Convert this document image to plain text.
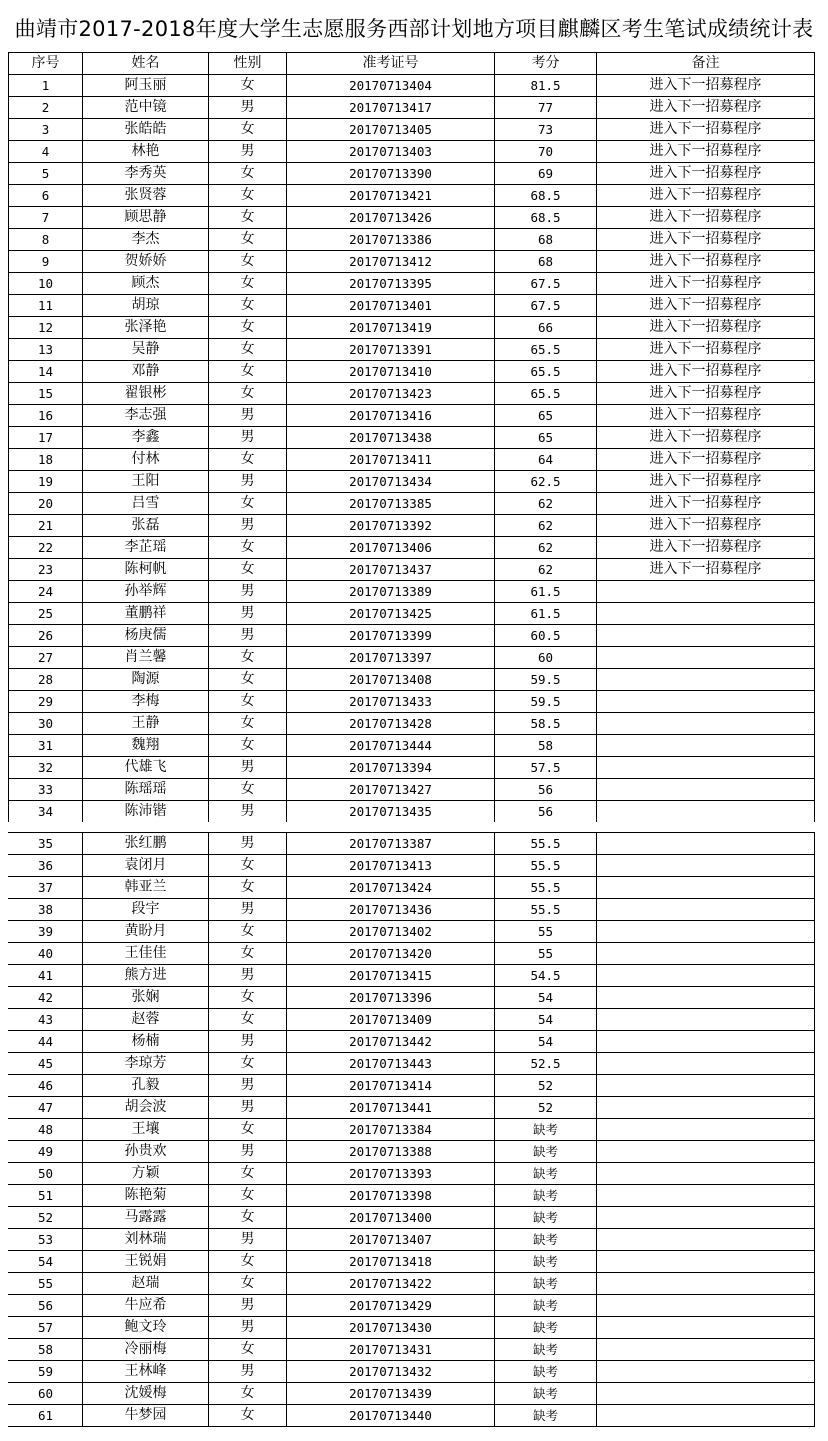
曲靖市2017-2018年度大学生志愿服务西部计划地方项目麒麟区考生笔试成绩统计表
序号	姓名	性别	准考证号	考分	备注
1	阿玉丽	女	20170713404	81.5	进入下一招募程序
2	范中镜	男	20170713417	77	进入下一招募程序
3	张皓皓	女	20170713405	73	进入下一招募程序
4	林艳	男	20170713403	70	进入下一招募程序
5	李秀英	女	20170713390	69	进入下一招募程序
6	张贤蓉	女	20170713421	68.5	进入下一招募程序
7	顾思静	女	20170713426	68.5	进入下一招募程序
8	李杰	女	20170713386	68	进入下一招募程序
9	贺娇娇	女	20170713412	68	进入下一招募程序
10	顾杰	女	20170713395	67.5	进入下一招募程序
11	胡琼	女	20170713401	67.5	进入下一招募程序
12	张泽艳	女	20170713419	66	进入下一招募程序
13	吴静	女	20170713391	65.5	进入下一招募程序
14	邓静	女	20170713410	65.5	进入下一招募程序
15	翟银彬	女	20170713423	65.5	进入下一招募程序
16	李志强	男	20170713416	65	进入下一招募程序
17	李鑫	男	20170713438	65	进入下一招募程序
18	付林	女	20170713411	64	进入下一招募程序
19	王阳	男	20170713434	62.5	进入下一招募程序
20	吕雪	女	20170713385	62	进入下一招募程序
21	张磊	男	20170713392	62	进入下一招募程序
22	李芷瑶	女	20170713406	62	进入下一招募程序
23	陈柯帆	女	20170713437	62	进入下一招募程序
24	孙举辉	男	20170713389	61.5	
25	董鹏祥	男	20170713425	61.5	
26	杨庚儒	男	20170713399	60.5	
27	肖兰馨	女	20170713397	60	
28	陶源	女	20170713408	59.5	
29	李梅	女	20170713433	59.5	
30	王静	女	20170713428	58.5	
31	魏翔	女	20170713444	58	
32	代雄飞	男	20170713394	57.5	
33	陈瑶瑶	女	20170713427	56	
34	陈沛锴	男	20170713435	56	
35	张红鹏	男	20170713387	55.5	
36	袁闭月	女	20170713413	55.5	
37	韩亚兰	女	20170713424	55.5	
38	段宇	男	20170713436	55.5	
39	黄盼月	女	20170713402	55	
40	王佳佳	女	20170713420	55	
41	熊方进	男	20170713415	54.5	
42	张娴	女	20170713396	54	
43	赵蓉	女	20170713409	54	
44	杨楠	男	20170713442	54	
45	李琼芳	女	20170713443	52.5	
46	孔毅	男	20170713414	52	
47	胡会波	男	20170713441	52	
48	王壤	女	20170713384	缺考	
49	孙贵欢	男	20170713388	缺考	
50	方颖	女	20170713393	缺考	
51	陈艳菊	女	20170713398	缺考	
52	马露露	女	20170713400	缺考	
53	刘林瑞	男	20170713407	缺考	
54	王锐娟	女	20170713418	缺考	
55	赵瑞	女	20170713422	缺考	
56	牛应希	男	20170713429	缺考	
57	鲍文玲	男	20170713430	缺考	
58	冷丽梅	女	20170713431	缺考	
59	王林峰	男	20170713432	缺考	
60	沈媛梅	女	20170713439	缺考	
61	牛梦园	女	20170713440	缺考	
